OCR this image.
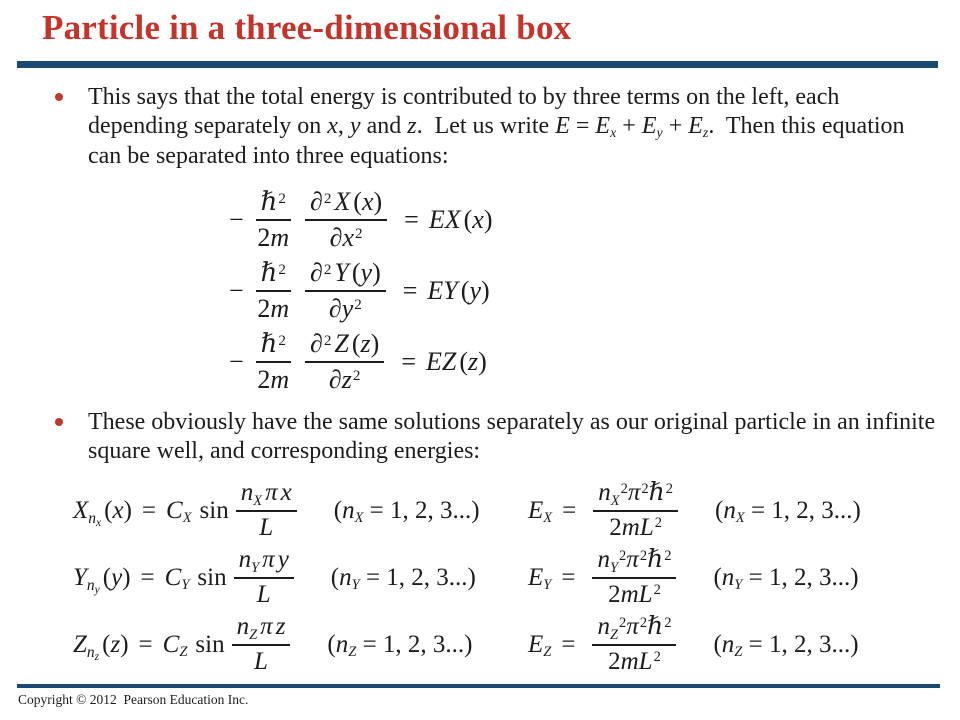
Particle in a three-dimensional box
This says that the total energy is contributed to by three terms on the left, each depending separately on x, y and z.  Let us write E = Ex + Ey + Ez.  Then this equation can be separated into three equations:
− $\frac{\hbar^2}{2m} \frac{\partial^2 X (x)}{\partial x^2}$ = EX (x)
− $\frac{\hbar^2}{2m} \frac{\partial^2 Y (y)}{\partial y^2}$ = EY (y)
− $\frac{\hbar^2}{2m} \frac{\partial^2 Z (z)}{\partial z^2}$ = EZ (z)
These obviously have the same solutions separately as our original particle in an infinite square well, and corresponding energies:
$X_{nx}$ (x) = CX $\sin \frac{\text{nX π x}}{L} (nX = 1$, 2, 3...)
$Y_{ny}$ (y) = CY $\sin \frac{\text{nY π y}}{L} (nY = 1$, 2, 3...)
$Z_{nz}$ (z) = CZ $\sin \frac{\text{nZ π z}}{L} (nZ = 1$, 2, 3...)
EX = $\frac{nX^2\pi^2\hbar^2}{2mL^2} (nX = 1$, 2, 3...)
EY = $\frac{nY^2\pi^2\hbar^2}{2mL^2} (nY = 1$, 2, 3...)
EZ = $\frac{nZ^2\pi^2\hbar^2}{2mL^2} (nZ = 1$, 2, 3...)
Copyright © 2012  Pearson Education Inc.
